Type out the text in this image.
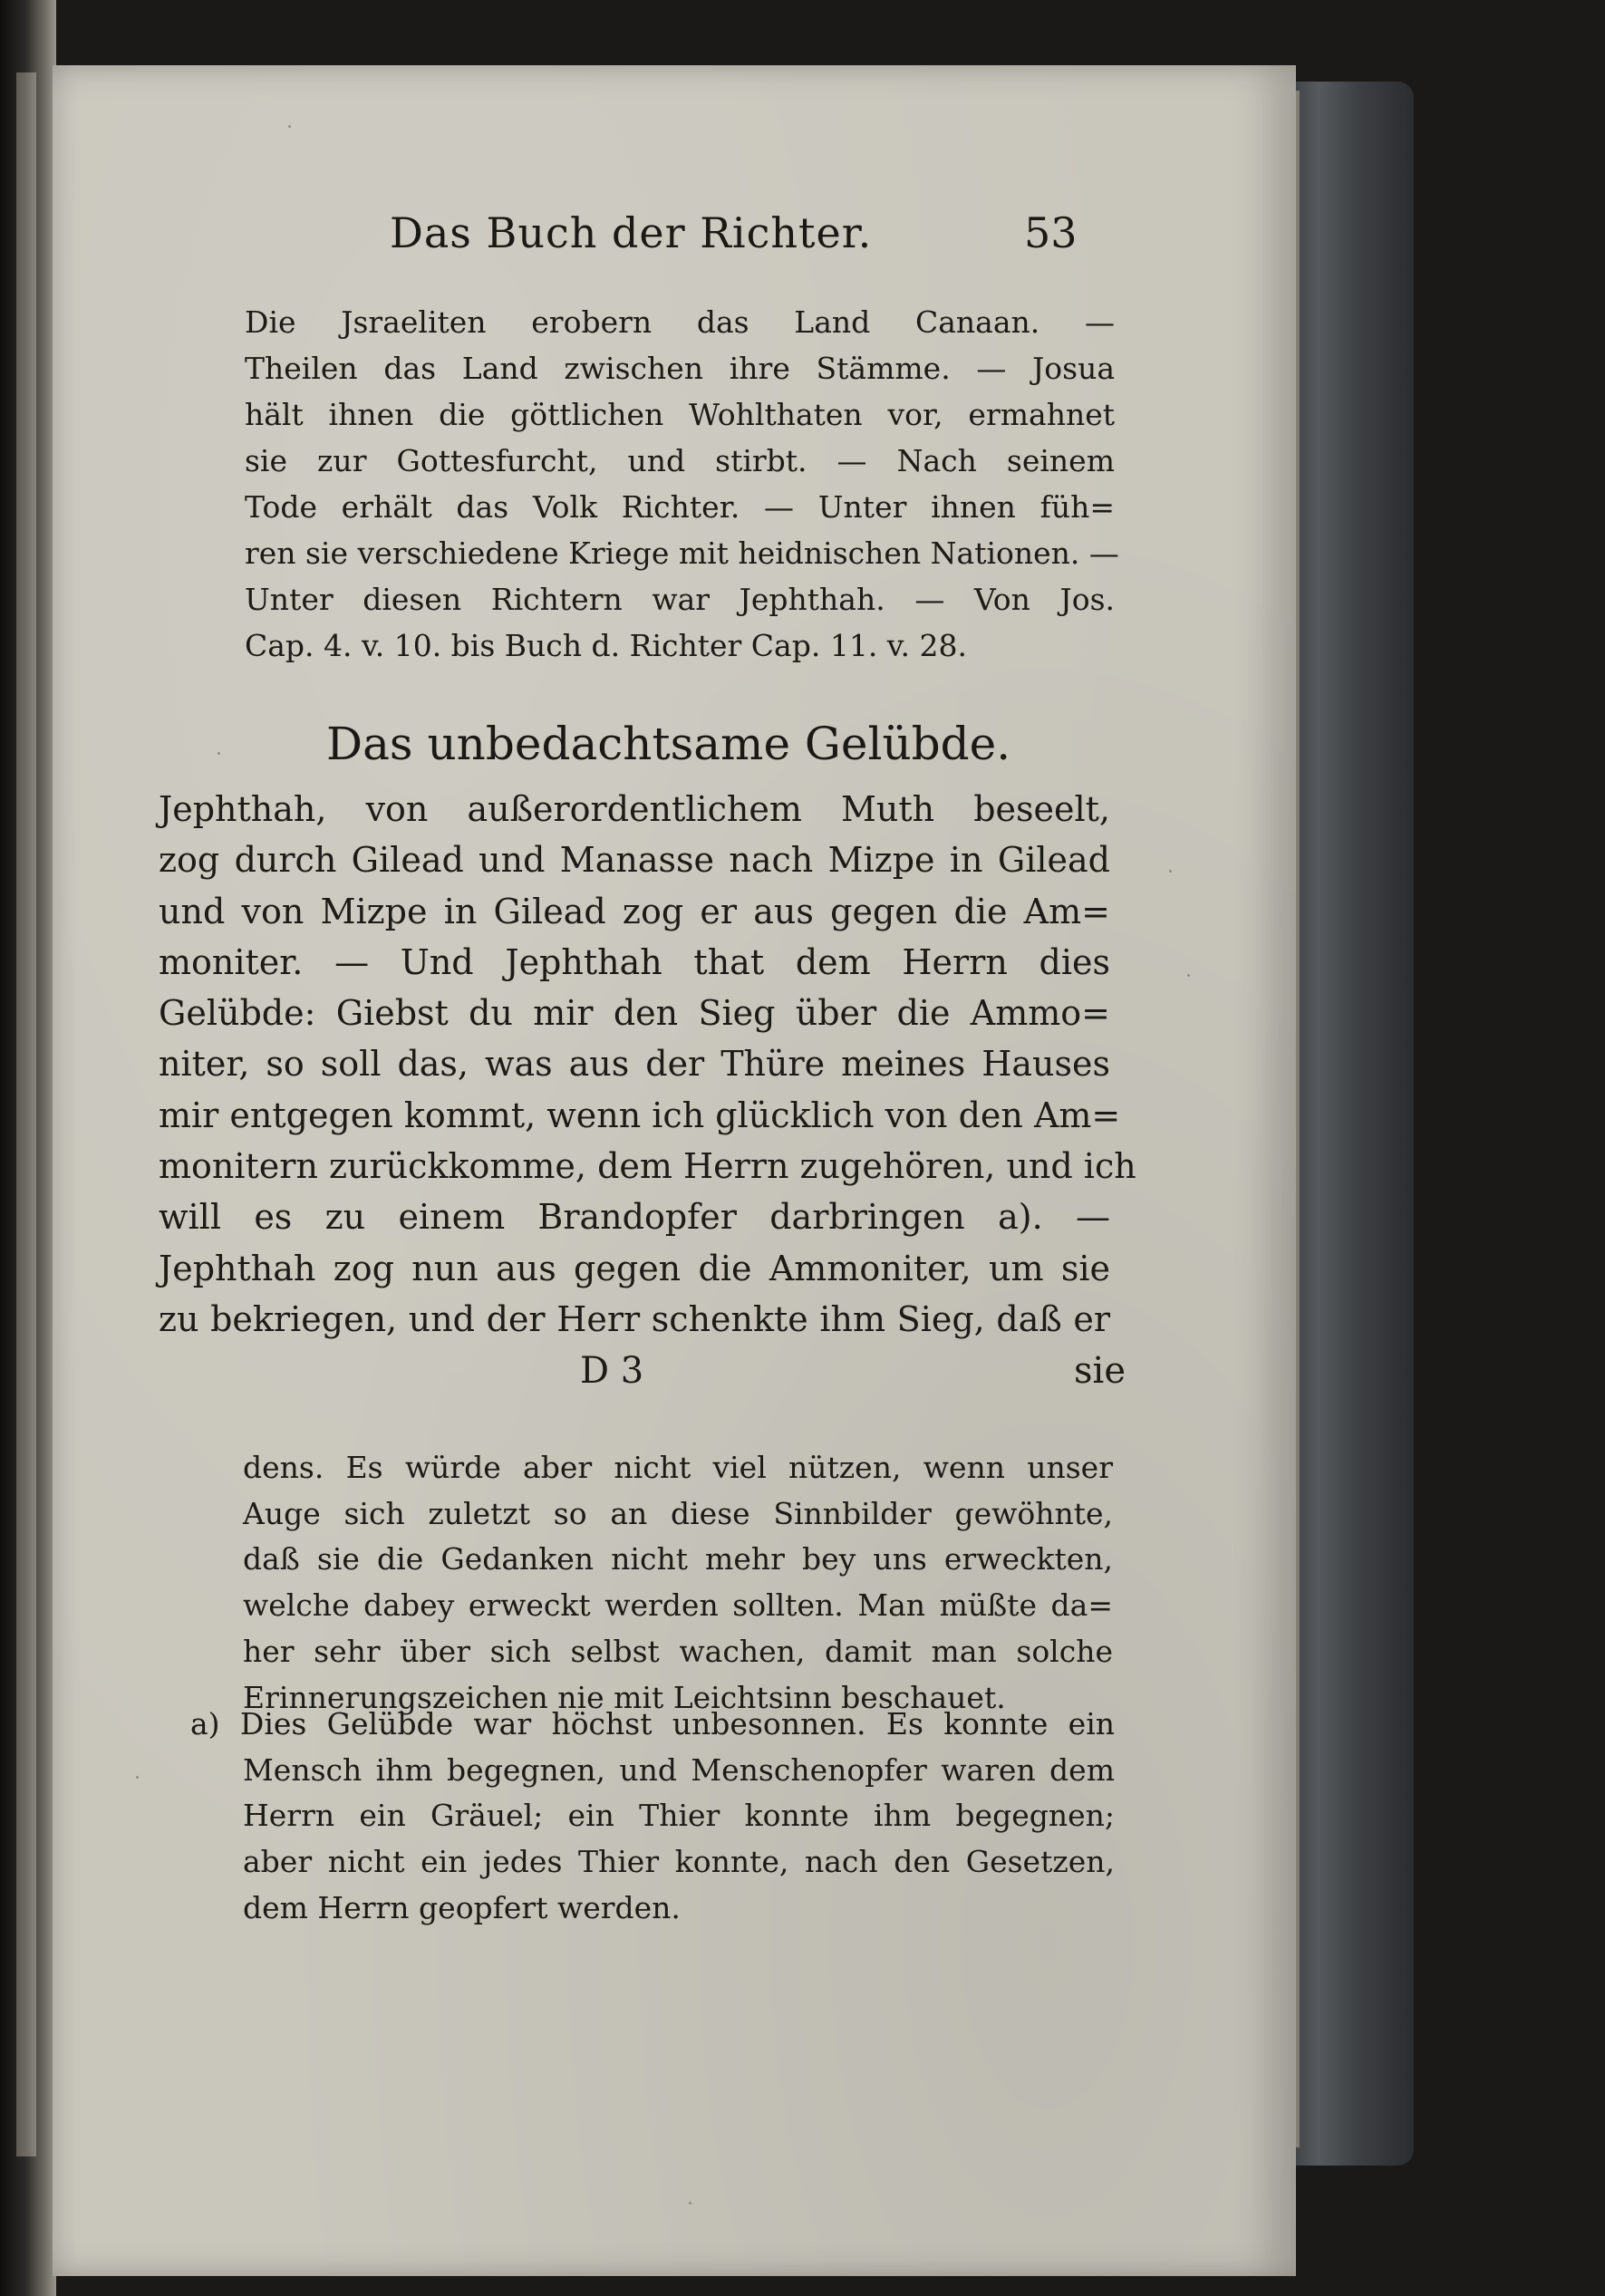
Das Buch der Richter.	53
Die Jsraeliten erobern das Land Canaan. —
Theilen das Land zwischen ihre Stämme. — Josua
hält ihnen die göttlichen Wohlthaten vor, ermahnet
sie zur Gottesfurcht, und stirbt. — Nach seinem
Tode erhält das Volk Richter. — Unter ihnen füh=
ren sie verschiedene Kriege mit heidnischen Nationen. —
Unter diesen Richtern war Jephthah. — Von Jos.
Cap. 4. v. 10. bis Buch d. Richter Cap. 11. v. 28.
Das unbedachtsame Gelübde.
Jephthah, von außerordentlichem Muth beseelt,
zog durch Gilead und Manasse nach Mizpe in Gilead
und von Mizpe in Gilead zog er aus gegen die Am=
moniter. — Und Jephthah that dem Herrn dies
Gelübde: Giebst du mir den Sieg über die Ammo=
niter, so soll das, was aus der Thüre meines Hauses
mir entgegen kommt, wenn ich glücklich von den Am=
monitern zurückkomme, dem Herrn zugehören, und ich
will es zu einem Brandopfer darbringen a). —
Jephthah zog nun aus gegen die Ammoniter, um sie
zu bekriegen, und der Herr schenkte ihm Sieg, daß er
D 3	sie
dens. Es würde aber nicht viel nützen, wenn unser
Auge sich zuletzt so an diese Sinnbilder gewöhnte,
daß sie die Gedanken nicht mehr bey uns erweckten,
welche dabey erweckt werden sollten. Man müßte da=
her sehr über sich selbst wachen, damit man solche
Erinnerungszeichen nie mit Leichtsinn beschauet.
a) Dies Gelübde war höchst unbesonnen. Es konnte ein
Mensch ihm begegnen, und Menschenopfer waren dem
Herrn ein Gräuel; ein Thier konnte ihm begegnen;
aber nicht ein jedes Thier konnte, nach den Gesetzen,
dem Herrn geopfert werden.
